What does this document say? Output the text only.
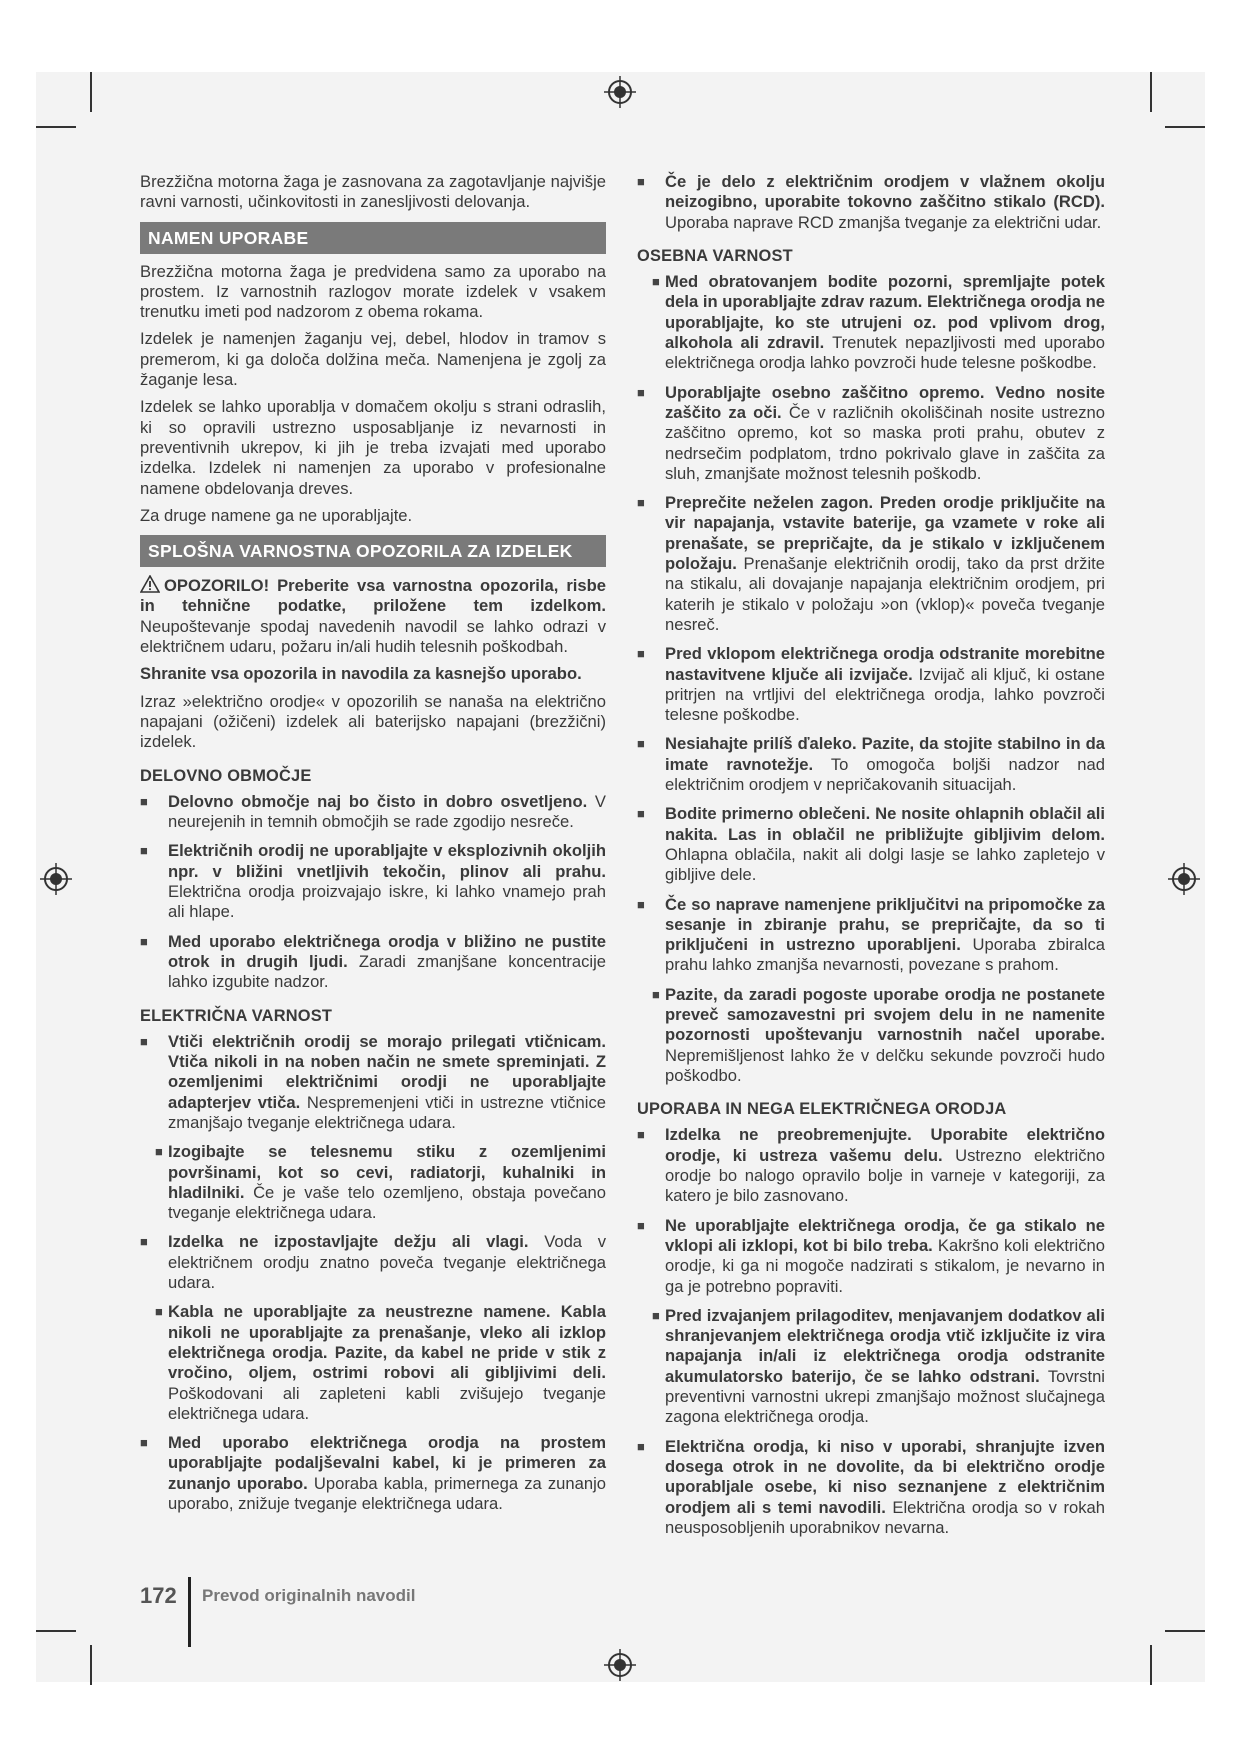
Brezžična motorna žaga je zasnovana za zagotavljanje najvišje ravni varnosti, učinkovitosti in zanesljivosti delovanja.

NAMEN UPORABE

Brezžična motorna žaga je predvidena samo za uporabo na prostem. Iz varnostnih razlogov morate izdelek v vsakem trenutku imeti pod nadzorom z obema rokama.

Izdelek je namenjen žaganju vej, debel, hlodov in tramov s premerom, ki ga določa dolžina meča. Namenjena je zgolj za žaganje lesa.

Izdelek se lahko uporablja v domačem okolju s strani odraslih, ki so opravili ustrezno usposabljanje iz nevarnosti in preventivnih ukrepov, ki jih je treba izvajati med uporabo izdelka. Izdelek ni namenjen za uporabo v profesionalne namene obdelovanja dreves.

Za druge namene ga ne uporabljajte.

SPLOŠNA VARNOSTNA OPOZORILA ZA IZDELEK

OPOZORILO! Preberite vsa varnostna opozorila, risbe in tehnične podatke, priložene tem izdelkom. Neupoštevanje spodaj navedenih navodil se lahko odrazi v električnem udaru, požaru in/ali hudih telesnih poškodbah.

Shranite vsa opozorila in navodila za kasnejšo uporabo.

Izraz »električno orodje« v opozorilih se nanaša na električno napajani (ožičeni) izdelek ali baterijsko napajani (brezžični) izdelek.

DELOVNO OBMOČJE
■ Delovno območje naj bo čisto in dobro osvetljeno. V neurejenih in temnih območjih se rade zgodijo nesreče.
■ Električnih orodij ne uporabljajte v eksplozivnih okoljih npr. v bližini vnetljivih tekočin, plinov ali prahu. Električna orodja proizvajajo iskre, ki lahko vnamejo prah ali hlape.
■ Med uporabo električnega orodja v bližino ne pustite otrok in drugih ljudi. Zaradi zmanjšane koncentracije lahko izgubite nadzor.
ELEKTRIČNA VARNOST
■ Vtiči električnih orodij se morajo prilegati vtičnicam. Vtiča nikoli in na noben način ne smete spreminjati. Z ozemljenimi električnimi orodji ne uporabljajte adapterjev vtiča. Nespremenjeni vtiči in ustrezne vtičnice zmanjšajo tveganje električnega udara.
■ Izogibajte se telesnemu stiku z ozemljenimi površinami, kot so cevi, radiatorji, kuhalniki in hladilniki. Če je vaše telo ozemljeno, obstaja povečano tveganje električnega udara.
■ Izdelka ne izpostavljajte dežju ali vlagi. Voda v električnem orodju znatno poveča tveganje električnega udara.
■ Kabla ne uporabljajte za neustrezne namene. Kabla nikoli ne uporabljajte za prenašanje, vleko ali izklop električnega orodja. Pazite, da kabel ne pride v stik z vročino, oljem, ostrimi robovi ali gibljivimi deli. Poškodovani ali zapleteni kabli zvišujejo tveganje električnega udara.
■ Med uporabo električnega orodja na prostem uporabljajte podaljševalni kabel, ki je primeren za zunanjo uporabo. Uporaba kabla, primernega za zunanjo uporabo, znižuje tveganje električnega udara.
■ Če je delo z električnim orodjem v vlažnem okolju neizogibno, uporabite tokovno zaščitno stikalo (RCD). Uporaba naprave RCD zmanjša tveganje za električni udar.
OSEBNA VARNOST
■ Med obratovanjem bodite pozorni, spremljajte potek dela in uporabljajte zdrav razum. Električnega orodja ne uporabljajte, ko ste utrujeni oz. pod vplivom drog, alkohola ali zdravil. Trenutek nepazljivosti med uporabo električnega orodja lahko povzroči hude telesne poškodbe.
■ Uporabljajte osebno zaščitno opremo. Vedno nosite zaščito za oči. Če v različnih okoliščinah nosite ustrezno zaščitno opremo, kot so maska proti prahu, obutev z nedrsečim podplatom, trdno pokrivalo glave in zaščita za sluh, zmanjšate možnost telesnih poškodb.
■ Preprečite neželen zagon. Preden orodje priključite na vir napajanja, vstavite baterije, ga vzamete v roke ali prenašate, se prepričajte, da je stikalo v izključenem položaju. Prenašanje električnih orodij, tako da prst držite na stikalu, ali dovajanje napajanja električnim orodjem, pri katerih je stikalo v položaju »on (vklop)« poveča tveganje nesreč.
■ Pred vklopom električnega orodja odstranite morebitne nastavitvene ključe ali izvijače. Izvijač ali ključ, ki ostane pritrjen na vrtljivi del električnega orodja, lahko povzroči telesne poškodbe.
■ Nesiahajte prilíš ďaleko. Pazite, da stojite stabilno in da imate ravnotežje. To omogoča boljši nadzor nad električnim orodjem v nepričakovanih situacijah.
■ Bodite primerno oblečeni. Ne nosite ohlapnih oblačil ali nakita. Las in oblačil ne približujte gibljivim delom. Ohlapna oblačila, nakit ali dolgi lasje se lahko zapletejo v gibljive dele.
■ Če so naprave namenjene priključitvi na pripomočke za sesanje in zbiranje prahu, se prepričajte, da so ti priključeni in ustrezno uporabljeni. Uporaba zbiralca prahu lahko zmanjša nevarnosti, povezane s prahom.
■ Pazite, da zaradi pogoste uporabe orodja ne postanete preveč samozavestni pri svojem delu in ne namenite pozornosti upoštevanju varnostnih načel uporabe. Nepremišljenost lahko že v delčku sekunde povzroči hudo poškodbo.
UPORABA IN NEGA ELEKTRIČNEGA ORODJA
■ Izdelka ne preobremenjujte. Uporabite električno orodje, ki ustreza vašemu delu. Ustrezno električno orodje bo nalogo opravilo bolje in varneje v kategoriji, za katero je bilo zasnovano.
■ Ne uporabljajte električnega orodja, če ga stikalo ne vklopi ali izklopi, kot bi bilo treba. Kakršno koli električno orodje, ki ga ni mogoče nadzirati s stikalom, je nevarno in ga je potrebno popraviti.
■ Pred izvajanjem prilagoditev, menjavanjem dodatkov ali shranjevanjem električnega orodja vtič izključite iz vira napajanja in/ali iz električnega orodja odstranite akumulatorsko baterijo, če se lahko odstrani. Tovrstni preventivni varnostni ukrepi zmanjšajo možnost slučajnega zagona električnega orodja.
■ Električna orodja, ki niso v uporabi, shranjujte izven dosega otrok in ne dovolite, da bi električno orodje uporabljale osebe, ki niso seznanjene z električnim orodjem ali s temi navodili. Električna orodja so v rokah neusposobljenih uporabnikov nevarna.
172 Prevod originalnih navodil
